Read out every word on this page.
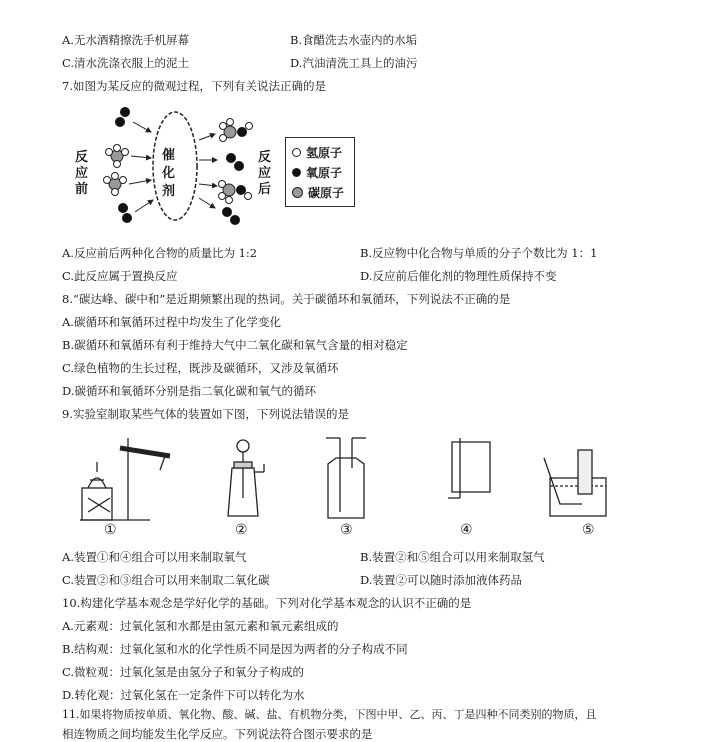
A.无水酒精擦洗手机屏幕	B.食醋洗去水壶内的水垢
C.清水洗涤衣服上的泥土	D.汽油清洗工具上的油污
7.如图为某反应的微观过程，下列有关说法正确的是
反
应
前
反
应
后
催
化
剂
氢原子
氧原子
碳原子
A.反应前后两种化合物的质量比为 1:2	B.反应物中化合物与单质的分子个数比为 1：1
C.此反应属于置换反应	D.反应前后催化剂的物理性质保持不变
8.“碳达峰、碳中和”是近期频繁出现的热词。关于碳循环和氧循环，下列说法不正确的是
A.碳循环和氧循环过程中均发生了化学变化
B.碳循环和氧循环有利于维持大气中二氧化碳和氧气含量的相对稳定
C.绿色植物的生长过程，既涉及碳循环，又涉及氧循环
D.碳循环和氧循环分别是指二氧化碳和氧气的循环
9.实验室制取某些气体的装置如下图，下列说法错误的是
①	②	③	④	⑤
A.装置①和④组合可以用来制取氧气	B.装置②和⑤组合可以用来制取氢气
C.装置②和③组合可以用来制取二氧化碳	D.装置②可以随时添加液体药品
10.构建化学基本观念是学好化学的基础。下列对化学基本观念的认识不正确的是
A.元素观：过氧化氢和水都是由氢元素和氧元素组成的
B.结构观：过氧化氢和水的化学性质不同是因为两者的分子构成不同
C.微粒观：过氧化氢是由氢分子和氧分子构成的
D.转化观：过氧化氢在一定条件下可以转化为水
11.如果将物质按单质、氧化物、酸、碱、盐、有机物分类，下图中甲、乙、丙、丁是四种不同类别的物质，且
相连物质之间均能发生化学反应。下列说法符合图示要求的是
